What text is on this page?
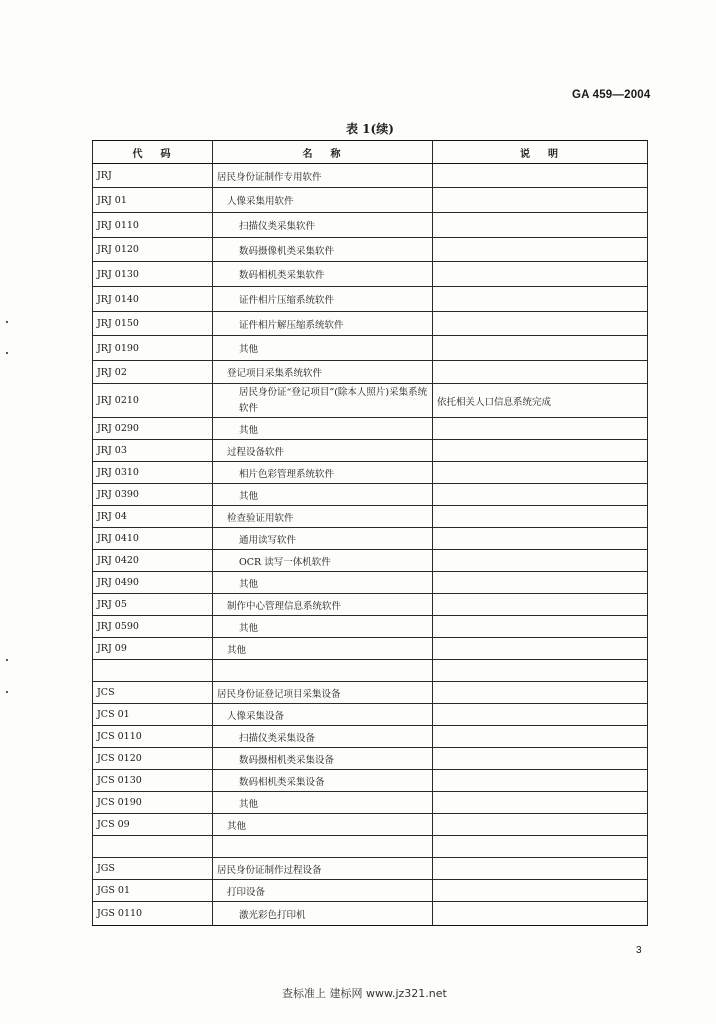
GA 459—2004
表 1(续)
代码	名称	说明
JRJ	居民身份证制作专用软件	
JRJ 01	人像采集用软件	
JRJ 0110	扫描仪类采集软件	
JRJ 0120	数码摄像机类采集软件	
JRJ 0130	数码相机类采集软件	
JRJ 0140	证件相片压缩系统软件	
JRJ 0150	证件相片解压缩系统软件	
JRJ 0190	其他	
JRJ 02	登记项目采集系统软件	
JRJ 0210	居民身份证“登记项目”(除本人照片)采集系统软件	依托相关人口信息系统完成
JRJ 0290	其他	
JRJ 03	过程设备软件	
JRJ 0310	相片色彩管理系统软件	
JRJ 0390	其他	
JRJ 04	检查验证用软件	
JRJ 0410	通用读写软件	
JRJ 0420	OCR 读写一体机软件	
JRJ 0490	其他	
JRJ 05	制作中心管理信息系统软件	
JRJ 0590	其他	
JRJ 09	其他	

JCS	居民身份证登记项目采集设备	
JCS 01	人像采集设备	
JCS 0110	扫描仪类采集设备	
JCS 0120	数码摄相机类采集设备	
JCS 0130	数码相机类采集设备	
JCS 0190	其他	
JCS 09	其他	

JGS	居民身份证制作过程设备	
JGS 01	打印设备	
JGS 0110	激光彩色打印机	
3
查标准上 建标网 www.jz321.net
